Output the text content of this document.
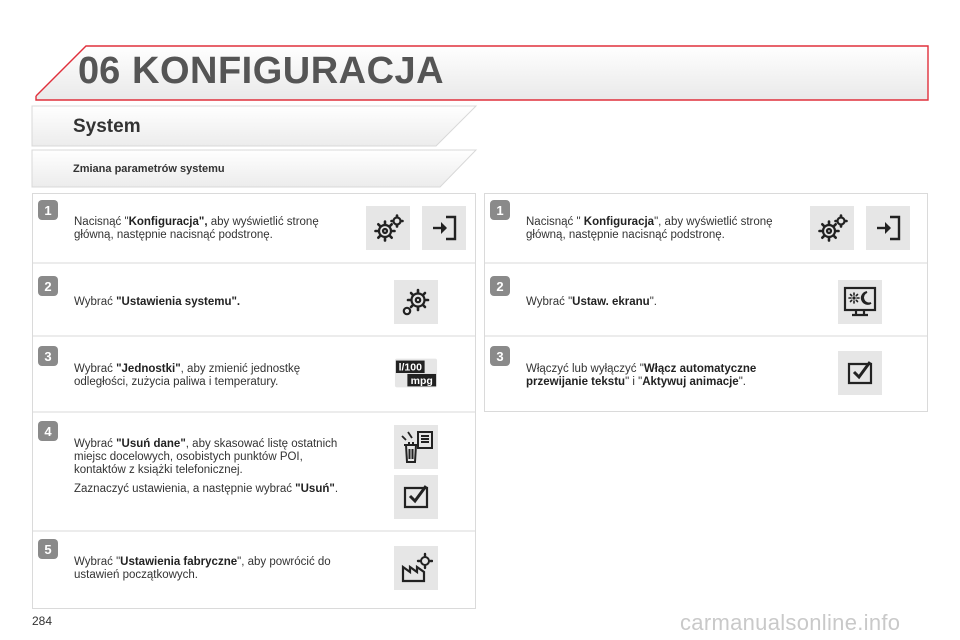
06 KONFIGURACJA
System
Zmiana parametrów systemu
1
Nacisnąć "Konfiguracja", aby wyświetlić stronę główną, następnie nacisnąć podstronę.
2
Wybrać "Ustawienia systemu".
3
Wybrać "Jednostki", aby zmienić jednostkę odległości, zużycia paliwa i temperatury.
l/100
mpg
4

Wybrać "Usuń dane", aby skasować listę ostatnich miejsc docelowych, osobistych punktów POI, kontaktów z książki telefonicznej.

Zaznaczyć ustawienia, a następnie wybrać "Usuń".

5
Wybrać "Ustawienia fabryczne", aby powrócić do ustawień początkowych.
1
Nacisnąć " Konfiguracja", aby wyświetlić stronę główną, następnie nacisnąć podstronę.
2
Wybrać "Ustaw. ekranu".
3
Włączyć lub wyłączyć "Włącz automatyczne przewijanie tekstu" i "Aktywuj animacje".
284	carmanualsonline.info
